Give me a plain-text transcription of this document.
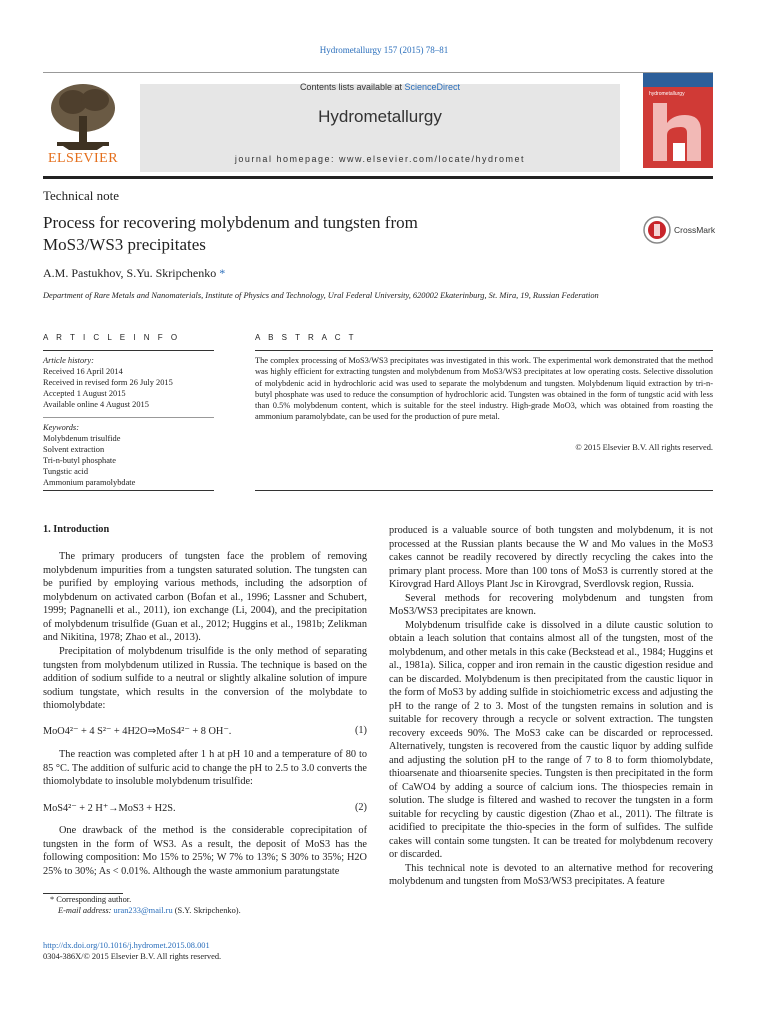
Hydrometallurgy 157 (2015) 78–81
ELSEVIER
Contents lists available at ScienceDirect
Hydrometallurgy
journal homepage: www.elsevier.com/locate/hydromet
hydrometallurgy
Technical note
Process for recovering molybdenum and tungsten from
MoS3/WS3 precipitates
CrossMark
A.M. Pastukhov, S.Yu. Skripchenko *
Department of Rare Metals and Nanomaterials, Institute of Physics and Technology, Ural Federal University, 620002 Ekaterinburg, St. Mira, 19, Russian Federation
A R T I C L E I N F O
Article history:
Received 16 April 2014
Received in revised form 26 July 2015
Accepted 1 August 2015
Available online 4 August 2015
Keywords:
Molybdenum trisulfide
Solvent extraction
Tri-n-butyl phosphate
Tungstic acid
Ammonium paramolybdate
A B S T R A C T
The complex processing of MoS3/WS3 precipitates was investigated in this work. The experimental work demonstrated that the method was highly efficient for extracting tungsten and molybdenum from MoS3/WS3 precipitates at low operating costs. Selective dissolution of molybdenic acid in hydrochloric acid was used to separate the molybdenum and tungsten. Molybdenum liquid extraction by tri-n-butyl phosphate was used to reduce the consumption of hydrochloric acid. Tungsten was obtained in the form of tungstic acid with less than 0.5% molybdenum content, which is suitable for the steel industry. High-grade MoO3, which was obtained from roasting the ammonium paramolybdate, can be used for the production of pure metal.
© 2015 Elsevier B.V. All rights reserved.
1. Introduction

The primary producers of tungsten face the problem of removing molybdenum impurities from a tungsten saturated solution. The tungsten can be purified by employing various methods, including the adsorption of molybdenum on activated carbon (Bofan et al., 1996; Lassner and Schubert, 1999; Pagnanelli et al., 2011), ion exchange (Li, 2004), and the precipitation of molybdenum trisulfide (Guan et al., 2012; Huggins et al., 1981b; Zelikman and Nikitina, 1978; Zhao et al., 2013).

Precipitation of molybdenum trisulfide is the only method of separating tungsten from molybdenum utilized in Russia. The technique is based on the addition of sodium sulfide to a neutral or slightly alkaline solution of impure sodium tungstate, which results in the conversion of the molybdate to thiomolybdate:

MoO4²⁻ + 4 S²⁻ + 4H2O⇒MoS4²⁻ + 8 OH⁻.	(1)

The reaction was completed after 1 h at pH 10 and a temperature of 80 to 85 °C. The addition of sulfuric acid to change the pH to 2.5 to 3.0 converts the thiomolybdate to insoluble molybdenum trisulfide:

MoS4²⁻ + 2 H⁺→MoS3 + H2S.	(2)

One drawback of the method is the considerable coprecipitation of tungsten in the form of WS3. As a result, the deposit of MoS3 has the following composition: Mo 15% to 25%; W 7% to 13%; S 30% to 35%; H2O 25% to 30%; As < 0.01%. Although the waste ammonium paratungstate

* Corresponding author.
E-mail address: uran233@mail.ru (S.Y. Skripchenko).

produced is a valuable source of both tungsten and molybdenum, it is not processed at the Russian plants because the W and Mo values in the MoS3 cakes cannot be readily recovered by directly recycling the cakes into the primary plant process. More than 100 tons of MoS3 is currently stored at the Kirovgrad Hard Alloys Plant Jsc in Kirovgrad, Sverdlovsk region, Russia.

Several methods for recovering molybdenum and tungsten from MoS3/WS3 precipitates are known.

Molybdenum trisulfide cake is dissolved in a dilute caustic solution to obtain a leach solution that contains almost all of the tungsten, most of the molybdenum, and other metals in this cake (Beckstead et al., 1984; Huggins et al., 1981a). Silica, copper and iron remain in the caustic digestion residue and can be discarded. Molybdenum is then precipitated from the caustic liquor in the form of MoS3 by adding sulfide in stoichiometric excess and adjusting the pH to the range of 2 to 3. Most of the tungsten remains in solution and is suitable for recovery through a recycle or solvent extraction. The tungsten recovery exceeds 90%. The MoS3 cake can be discarded or reprocessed. Alternatively, tungsten is recovered from the caustic liquor by adding sulfide and adjusting the solution pH to the range of 7 to 8 to form thiomolybdate, thioarsenate and thioarsenite species. Tungsten is then precipitated in the form of CaWO4 by adding a source of calcium ions. The thiospecies remain in solution. The sludge is filtered and washed to recover the tungsten in a form suitable for recycling by caustic digestion (Zhao et al., 2011). The filtrate is acidified to precipitate the thio-species in the form of sulfides. The sulfide cakes will contain some tungsten. It can be treated for molybdenum recovery or discarded.

This technical note is devoted to an alternative method for recovering molybdenum and tungsten from MoS3/WS3 precipitates. A feature

http://dx.doi.org/10.1016/j.hydromet.2015.08.001
0304-386X/© 2015 Elsevier B.V. All rights reserved.
